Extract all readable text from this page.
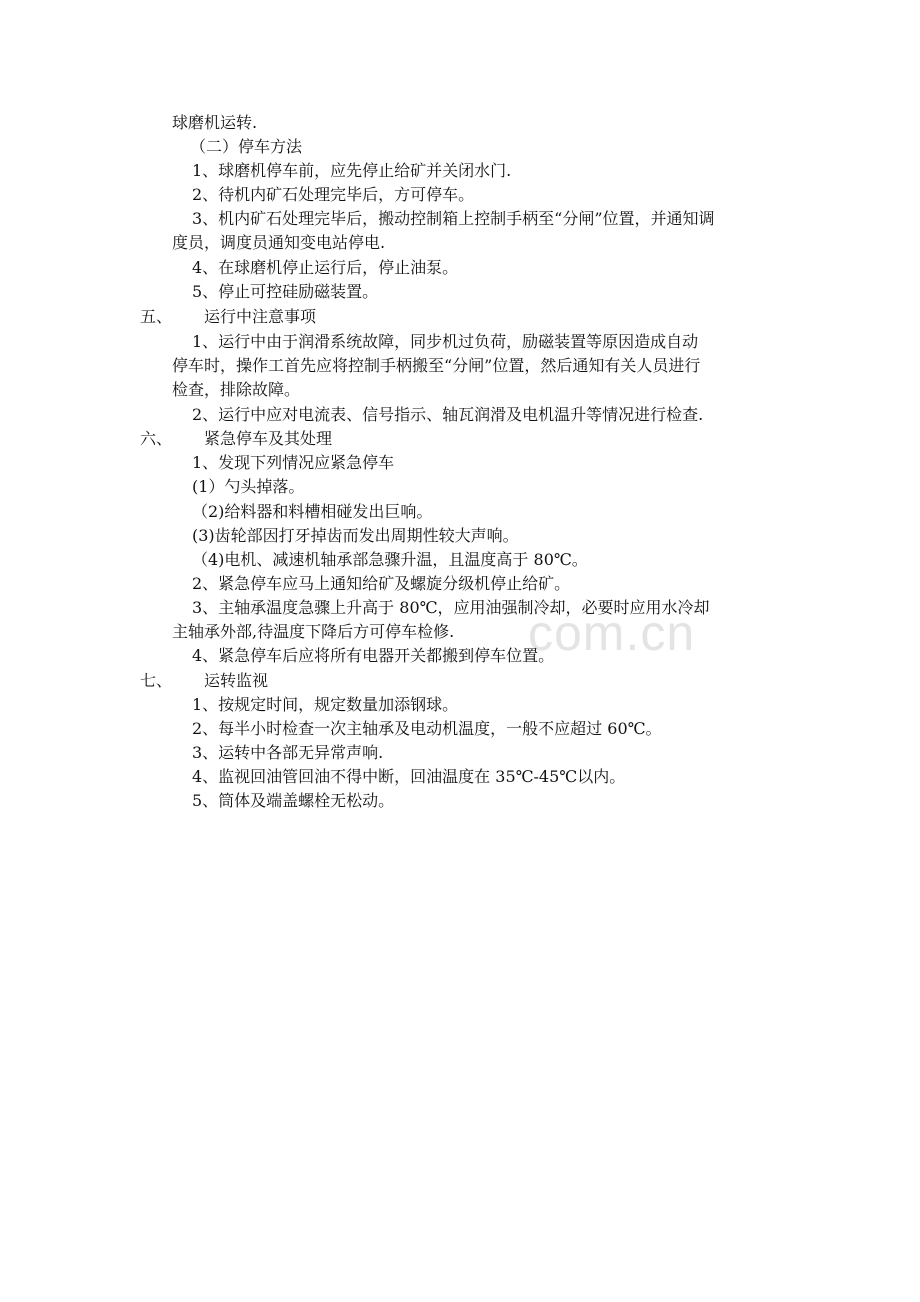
com.cn
球磨机运转.
（二）停车方法
1、球磨机停车前，应先停止给矿并关闭水门.
2、待机内矿石处理完毕后，方可停车。
3、机内矿石处理完毕后，搬动控制箱上控制手柄至“分闸”位置，并通知调
度员，调度员通知变电站停电.
4、在球磨机停止运行后，停止油泵。
5、停止可控硅励磁装置。
五、 运行中注意事项
1、运行中由于润滑系统故障，同步机过负荷，励磁装置等原因造成自动
停车时，操作工首先应将控制手柄搬至“分闸”位置，然后通知有关人员进行
检查，排除故障。
2、运行中应对电流表、信号指示、轴瓦润滑及电机温升等情况进行检查.
六、 紧急停车及其处理
1、发现下列情况应紧急停车
(1）勺头掉落。
（2)给料器和料槽相碰发出巨响。
(3)齿轮部因打牙掉齿而发出周期性较大声响。
（4)电机、减速机轴承部急骤升温，且温度高于 80℃。
2、紧急停车应马上通知给矿及螺旋分级机停止给矿。
3、主轴承温度急骤上升高于 80℃，应用油强制冷却，必要时应用水冷却
主轴承外部,待温度下降后方可停车检修.
4、紧急停车后应将所有电器开关都搬到停车位置。
七、 运转监视
1、按规定时间，规定数量加添钢球。
2、每半小时检查一次主轴承及电动机温度，一般不应超过 60℃。
3、运转中各部无异常声响.
4、监视回油管回油不得中断，回油温度在 35℃-45℃以内。
5、筒体及端盖螺栓无松动。
